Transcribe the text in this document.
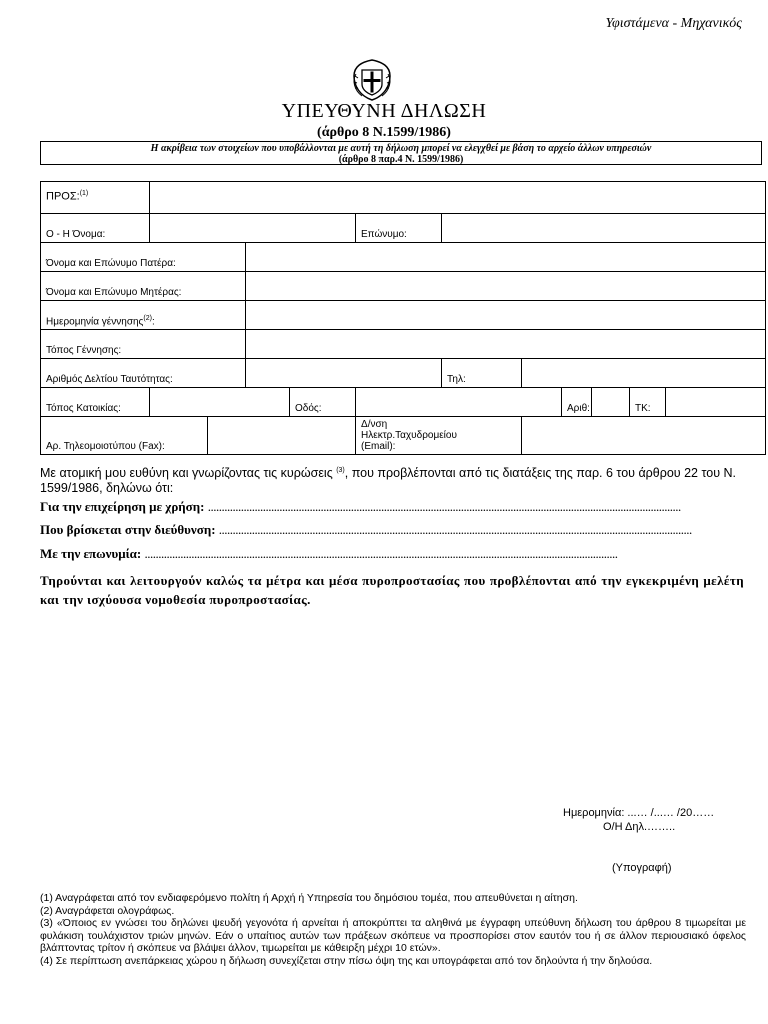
Υφιστάμενα - Μηχανικός
ΥΠΕΥΘΥΝΗ ΔΗΛΩΣΗ
(άρθρο 8 Ν.1599/1986)
Η ακρίβεια των στοιχείων που υποβάλλονται με αυτή τη δήλωση μπορεί να ελεγχθεί με βάση το αρχείο άλλων υπηρεσιών
(άρθρο 8 παρ.4 Ν. 1599/1986)
ΠΡΟΣ:$^{(1)}$	
Ο - Η Όνομα:					Επώνυμο:						
Όνομα και Επώνυμο Πατέρα:											
Όνομα και Επώνυμο Μητέρας:											
Ημερομηνία γέννησης$^{(2)}$:											
Τόπος Γέννησης:											
Αριθμός Δελτίου Ταυτότητας:						Τηλ:					
Τόπος Κατοικίας:				Οδός:				Αριθ:		ΤΚ:	
Αρ. Τηλεομοιοτύπου (Fax):					Δ/νση
Ηλεκτρ.Ταχυδρομείου
(Email):						

Με ατομική μου ευθύνη και γνωρίζοντας τις κυρώσεις $^{(3)}$, που προβλέπονται από τις διατάξεις της παρ. 6 του άρθρου 22 του Ν. 1599/1986, δηλώνω ότι:
Για την επιχείρηση με χρήση: ............................................................................................................................................................................
Που βρίσκεται στην διεύθυνση: ............................................................................................................................................................................
Με την επωνυμία: ............................................................................................................................................................................
Τηρούνται και λειτουργούν καλώς τα μέτρα και μέσα πυροπροστασίας που προβλέπονται από την εγκεκριμένη μελέτη και την ισχύουσα νομοθεσία πυροπροστασίας.
Ημερομηνία: ...… /...… /20……
Ο/Η Δηλ.……..
(Υπογραφή)
(1) Αναγράφεται από τον ενδιαφερόμενο πολίτη ή Αρχή ή Υπηρεσία του δημόσιου τομέα, που απευθύνεται η αίτηση.
(2) Αναγράφεται ολογράφως.
(3) «Όποιος εν γνώσει του δηλώνει ψευδή γεγονότα ή αρνείται ή αποκρύπτει τα αληθινά με έγγραφη υπεύθυνη δήλωση του άρθρου 8 τιμωρείται με φυλάκιση τουλάχιστον τριών μηνών. Εάν ο υπαίτιος αυτών των πράξεων σκόπευε να προσπορίσει στον εαυτόν του ή σε άλλον περιουσιακό όφελος βλάπτοντας τρίτον ή σκόπευε να βλάψει άλλον, τιμωρείται με κάθειρξη μέχρι 10 ετών».
(4) Σε περίπτωση ανεπάρκειας χώρου η δήλωση συνεχίζεται στην πίσω όψη της και υπογράφεται από τον δηλούντα ή την δηλούσα.
